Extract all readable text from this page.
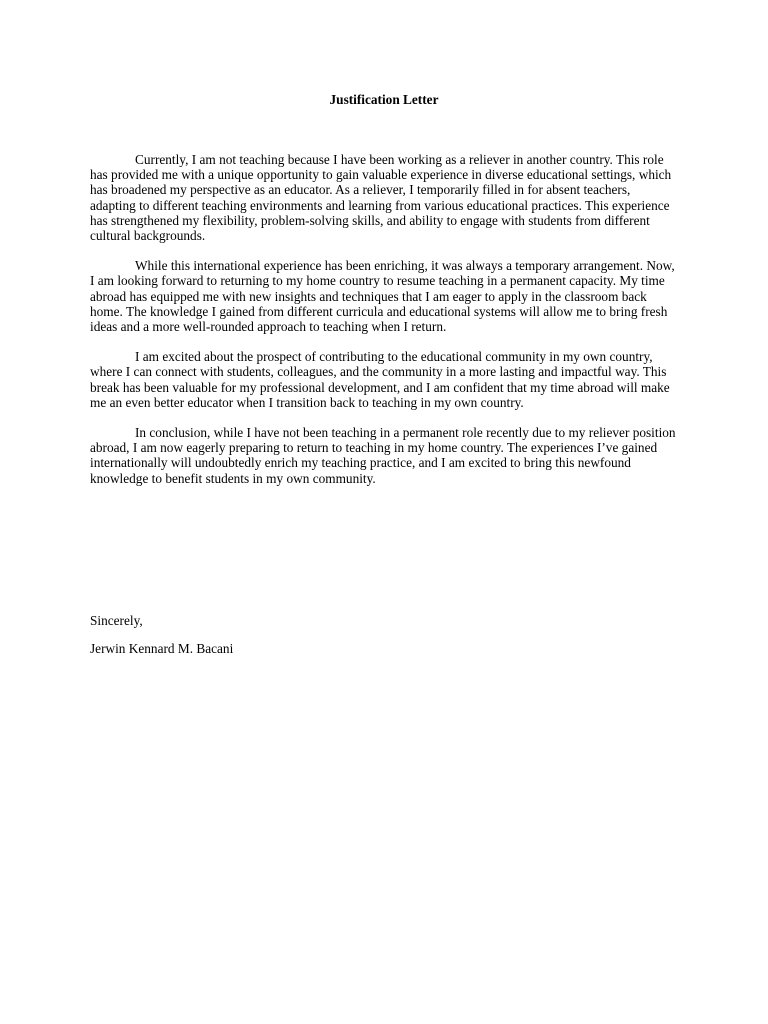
Justification Letter

Currently, I am not teaching because I have been working as a reliever in another country. This role has provided me with a unique opportunity to gain valuable experience in diverse educational settings, which has broadened my perspective as an educator. As a reliever, I temporarily filled in for absent teachers, adapting to different teaching environments and learning from various educational practices. This experience has strengthened my flexibility, problem-solving skills, and ability to engage with students from different cultural backgrounds.

While this international experience has been enriching, it was always a temporary arrangement. Now, I am looking forward to returning to my home country to resume teaching in a permanent capacity. My time abroad has equipped me with new insights and techniques that I am eager to apply in the classroom back home. The knowledge I gained from different curricula and educational systems will allow me to bring fresh ideas and a more well-rounded approach to teaching when I return.

I am excited about the prospect of contributing to the educational community in my own country, where I can connect with students, colleagues, and the community in a more lasting and impactful way. This break has been valuable for my professional development, and I am confident that my time abroad will make me an even better educator when I transition back to teaching in my own country.

In conclusion, while I have not been teaching in a permanent role recently due to my reliever position abroad, I am now eagerly preparing to return to teaching in my home country. The experiences I’ve gained internationally will undoubtedly enrich my teaching practice, and I am excited to bring this newfound knowledge to benefit students in my own community.

Sincerely,

Jerwin Kennard M. Bacani
